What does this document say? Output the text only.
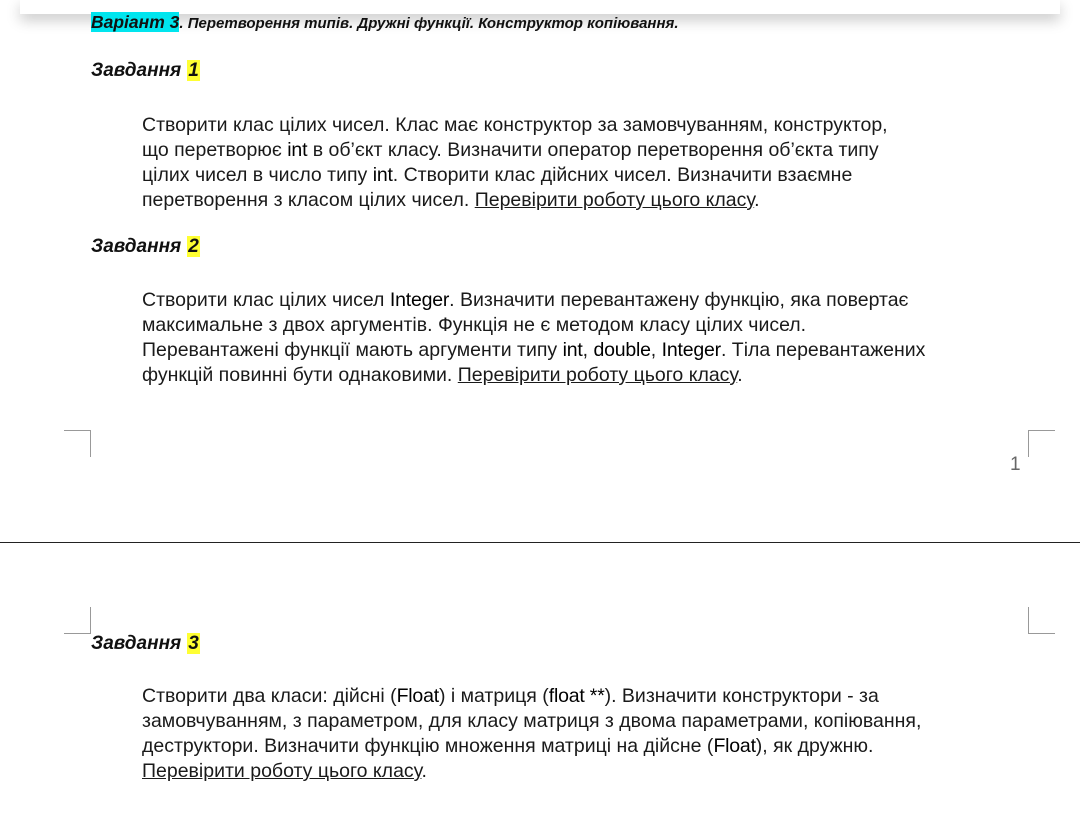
Варіант 3. Перетворення типів. Дружні функції. Конструктор копіювання.
Завдання 1
Створити клас цілих чисел. Клас має конструктор за замовчуванням, конструктор,
що перетворює int в об’єкт класу. Визначити оператор перетворення об’єкта типу
цілих чисел в число типу int. Створити клас дійсних чисел. Визначити взаємне
перетворення з класом цілих чисел. Перевірити роботу цього класу.
Завдання 2
Створити клас цілих чисел Integer. Визначити перевантажену функцію, яка повертає
максимальне з двох аргументів. Функція не є методом класу цілих чисел.
Перевантажені функції мають аргументи типу int, double, Integer. Тіла перевантажених
функцій повинні бути однаковими. Перевірити роботу цього класу.
1
Завдання 3
Створити два класи: дійсні (Float) і матриця (float **). Визначити конструктори - за
замовчуванням, з параметром, для класу матриця з двома параметрами, копіювання,
деструктори. Визначити функцію множення матриці на дійсне (Float), як дружню.
Перевірити роботу цього класу.
